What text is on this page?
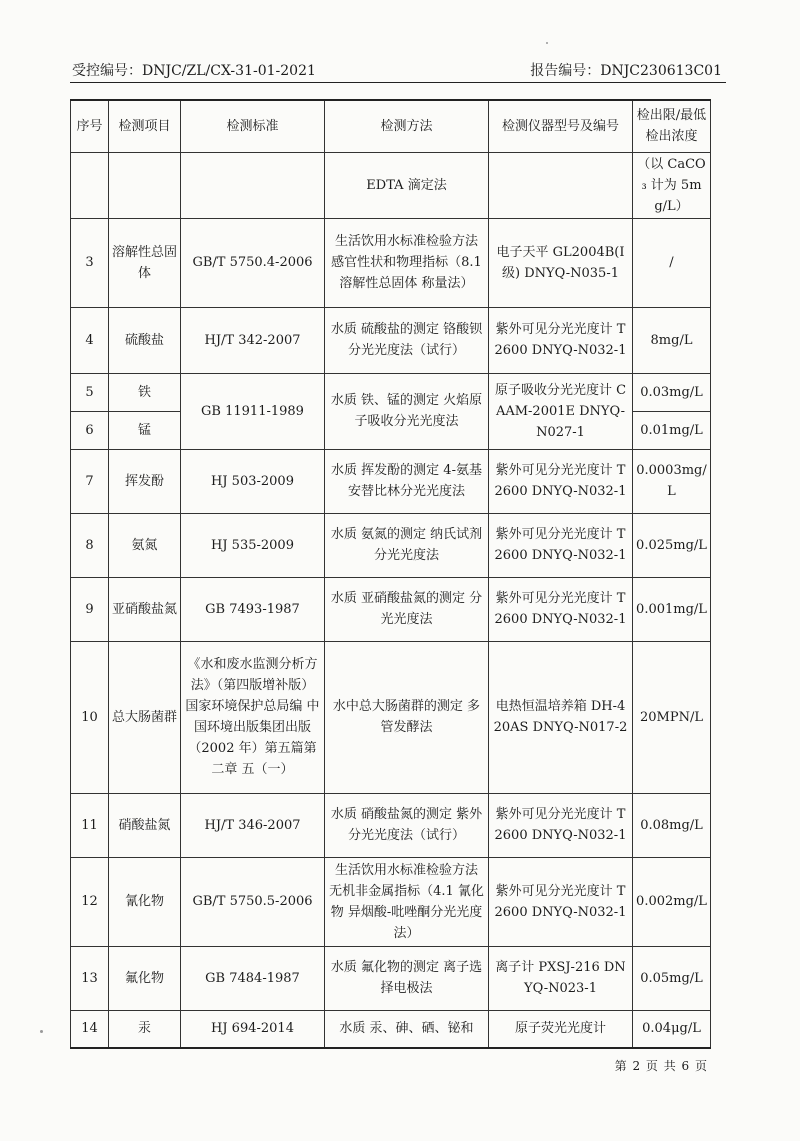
受控编号：DNJC/ZL/CX-31-01-2021	报告编号：DNJC230613C01
序号	检测项目	检测标准	检测方法	检测仪器型号及编号	检出限/最低检出浓度
			EDTA 滴定法		（以 CaCO₃ 计为 5mg/L）
3	溶解性总固体	GB/T 5750.4-2006	生活饮用水标准检验方法 感官性状和物理指标（8.1 溶解性总固体 称量法）	电子天平 GL2004B(Ⅰ级) DNYQ-N035-1	/
4	硫酸盐	HJ/T 342-2007	水质 硫酸盐的测定 铬酸钡分光光度法（试行）	紫外可见分光光度计 T2600 DNYQ-N032-1	8mg/L
5	铁	GB 11911-1989	水质 铁、锰的测定 火焰原子吸收分光光度法	原子吸收分光光度计 CAAM-2001E DNYQ-N027-1	0.03mg/L
6	锰				0.01mg/L
7	挥发酚	HJ 503-2009	水质 挥发酚的测定 4-氨基安替比林分光光度法	紫外可见分光光度计 T2600 DNYQ-N032-1	0.0003mg/L
8	氨氮	HJ 535-2009	水质 氨氮的测定 纳氏试剂分光光度法	紫外可见分光光度计 T2600 DNYQ-N032-1	0.025mg/L
9	亚硝酸盐氮	GB 7493-1987	水质 亚硝酸盐氮的测定 分光光度法	紫外可见分光光度计 T2600 DNYQ-N032-1	0.001mg/L
10	总大肠菌群	《水和废水监测分析方法》（第四版增补版） 国家环境保护总局编 中国环境出版集团出版（2002 年）第五篇第二章 五（一）	水中总大肠菌群的测定 多管发酵法	电热恒温培养箱 DH-420AS DNYQ-N017-2	20MPN/L
11	硝酸盐氮	HJ/T 346-2007	水质 硝酸盐氮的测定 紫外分光光度法（试行）	紫外可见分光光度计 T2600 DNYQ-N032-1	0.08mg/L
12	氰化物	GB/T 5750.5-2006	生活饮用水标准检验方法 无机非金属指标（4.1 氰化物 异烟酸-吡唑酮分光光度法）	紫外可见分光光度计 T2600 DNYQ-N032-1	0.002mg/L
13	氟化物	GB 7484-1987	水质 氟化物的测定 离子选择电极法	离子计 PXSJ-216 DNYQ-N023-1	0.05mg/L
14	汞	HJ 694-2014	水质 汞、砷、硒、铋和	原子荧光光度计	0.04μg/L
第 2 页 共 6 页
